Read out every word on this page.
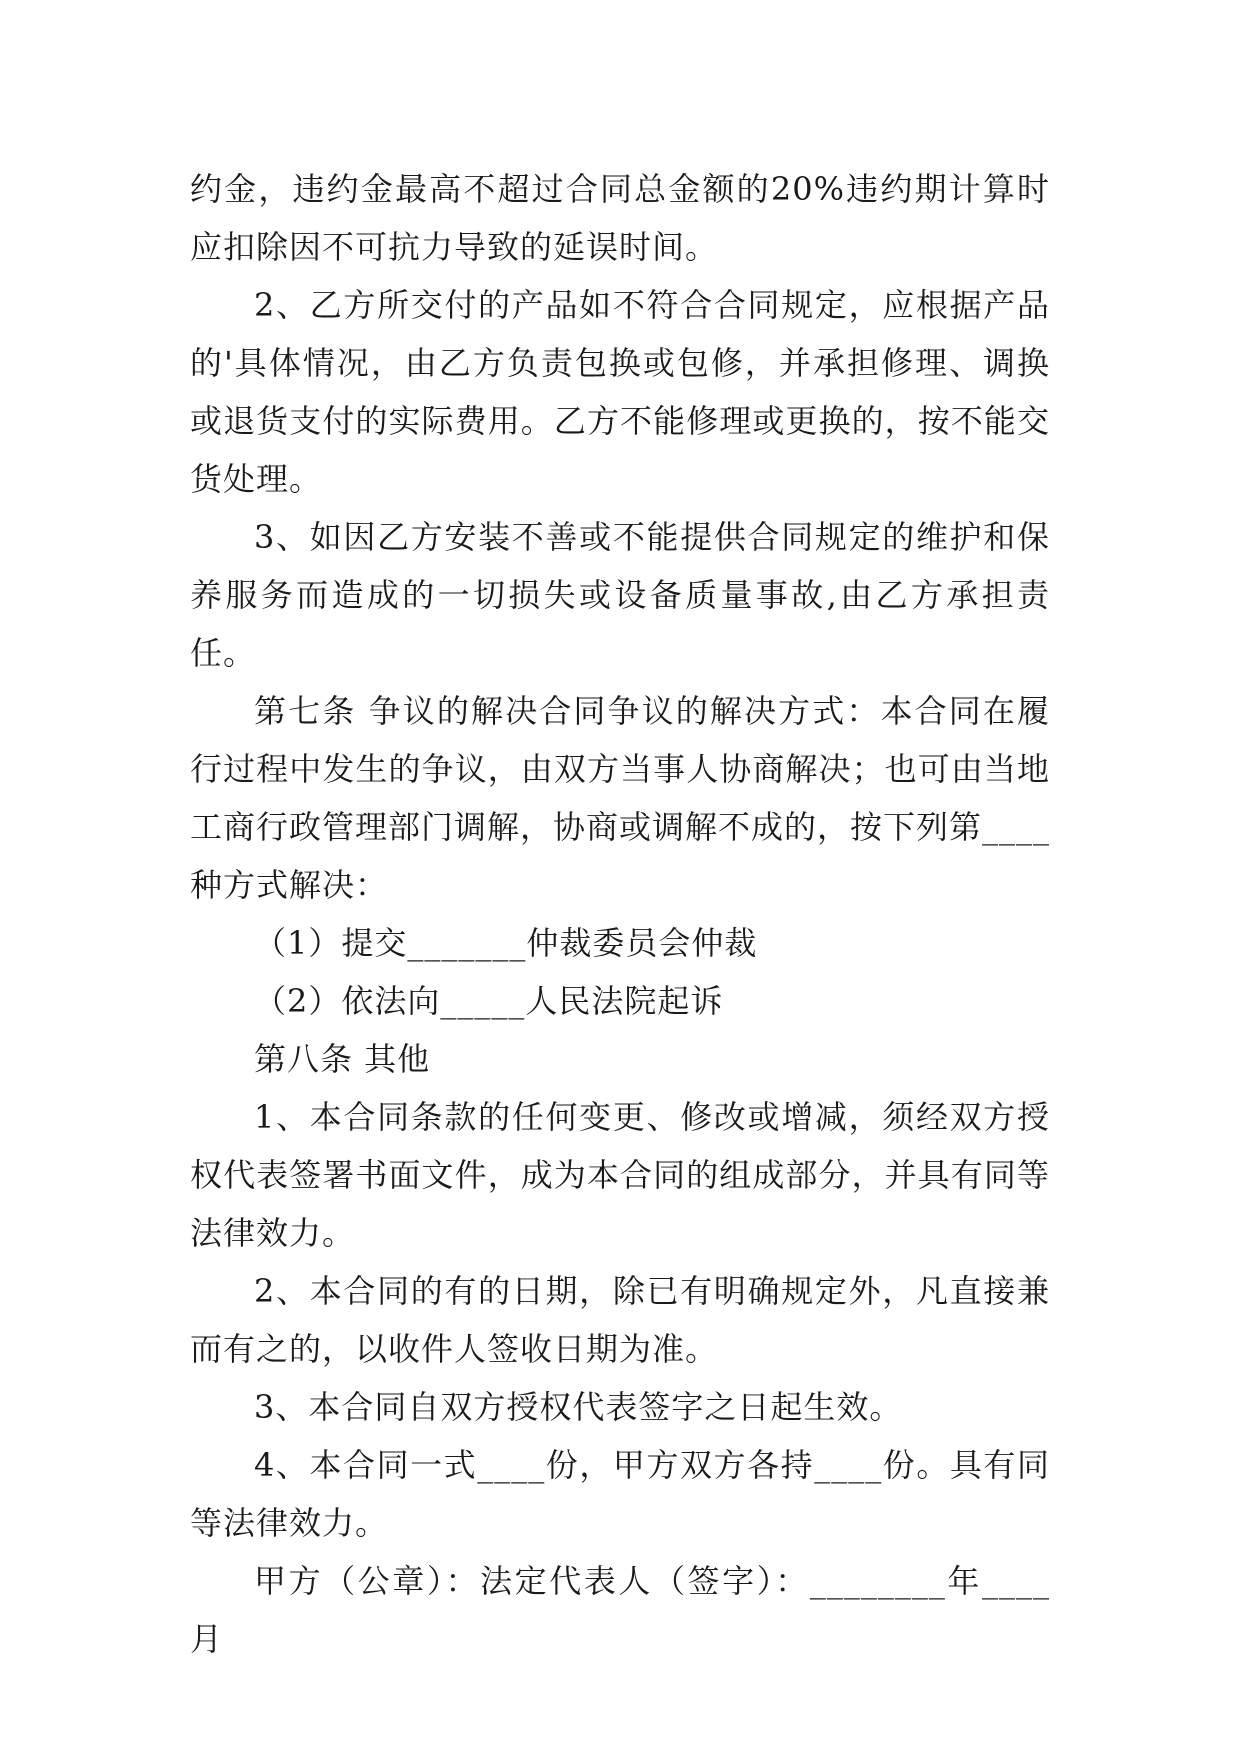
约金，违约金最高不超过合同总金额的20%违约期计算时应扣除因不可抗力导致的延误时间。

2、乙方所交付的产品如不符合合同规定，应根据产品的'具体情况，由乙方负责包换或包修，并承担修理、调换或退货支付的实际费用。乙方不能修理或更换的，按不能交货处理。

3、如因乙方安装不善或不能提供合同规定的维护和保养服务而造成的一切损失或设备质量事故,由乙方承担责任。

第七条 争议的解决合同争议的解决方式：本合同在履行过程中发生的争议，由双方当事人协商解决；也可由当地工商行政管理部门调解，协商或调解不成的，按下列第____种方式解决：

（1）提交_______仲裁委员会仲裁

（2）依法向_____人民法院起诉

第八条 其他

1、本合同条款的任何变更、修改或增减，须经双方授权代表签署书面文件，成为本合同的组成部分，并具有同等法律效力。

2、本合同的有的日期，除已有明确规定外，凡直接兼而有之的，以收件人签收日期为准。

3、本合同自双方授权代表签字之日起生效。

4、本合同一式____份，甲方双方各持____份。具有同等法律效力。

甲方（公章）：法定代表人（签字）：________年____月
